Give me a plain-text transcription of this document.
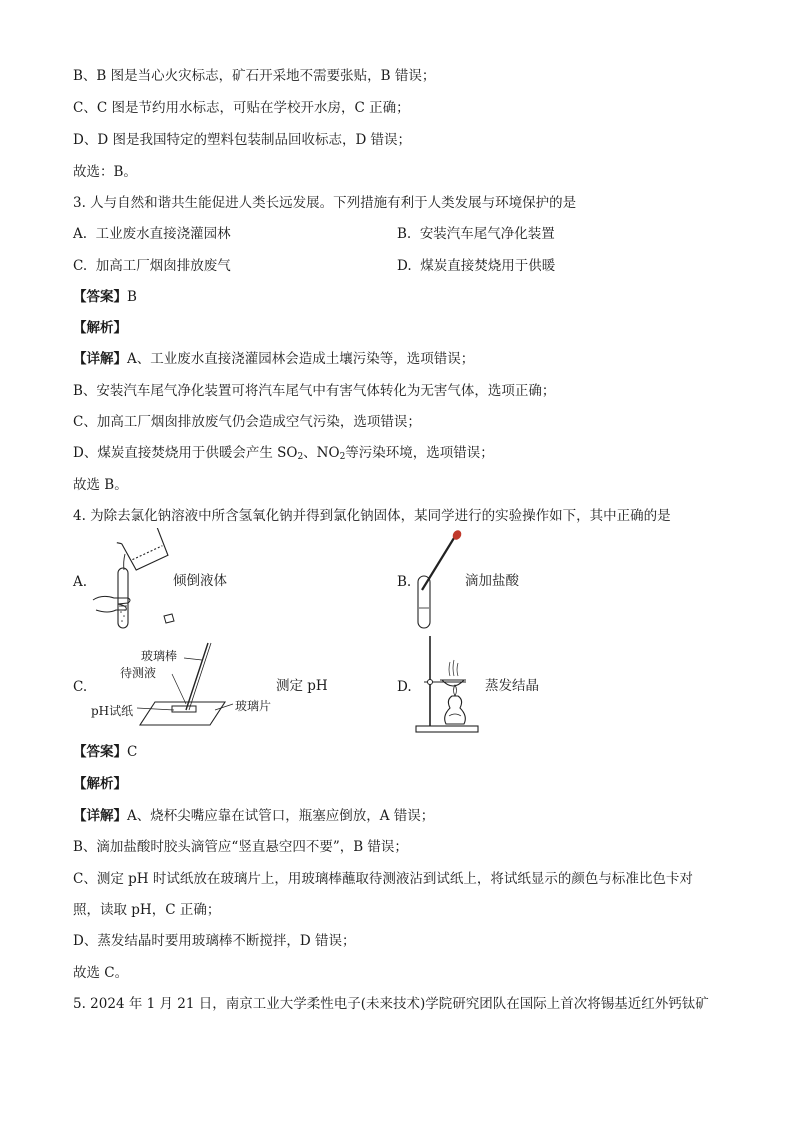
B、B 图是当心火灾标志，矿石开采地不需要张贴，B 错误；
C、C 图是节约用水标志，可贴在学校开水房，C 正确；
D、D 图是我国特定的塑料包装制品回收标志，D 错误；
故选：B。
3. 人与自然和谐共生能促进人类长远发展。下列措施有利于人类发展与环境保护的是
A. 工业废水直接浇灌园林	B. 安装汽车尾气净化装置
C. 加高工厂烟囱排放废气	D. 煤炭直接焚烧用于供暖
【答案】B
【解析】
【详解】A、工业废水直接浇灌园林会造成土壤污染等，选项错误；
B、安装汽车尾气净化装置可将汽车尾气中有害气体转化为无害气体，选项正确；
C、加高工厂烟囱排放废气仍会造成空气污染，选项错误；
D、煤炭直接焚烧用于供暖会产生 $SO_2$、$NO_2$等污染环境，选项错误；
故选 B。
4. 为除去氯化钠溶液中所含氢氧化钠并得到氯化钠固体，某同学进行的实验操作如下，其中正确的是
A.	倾倒液体	B.	滴加盐酸
C.
玻璃棒
待测液
pH试纸	玻璃片
测定 pH	D.	蒸发结晶
【答案】C
【解析】
【详解】A、烧杯尖嘴应靠在试管口，瓶塞应倒放，A 错误；
B、滴加盐酸时胶头滴管应“竖直悬空四不要”，B 错误；
C、测定 pH 时试纸放在玻璃片上，用玻璃棒蘸取待测液沾到试纸上，将试纸显示的颜色与标准比色卡对
照，读取 pH，C 正确；
D、蒸发结晶时要用玻璃棒不断搅拌，D 错误；
故选 C。
5. 2024 年 1 月 21 日，南京工业大学柔性电子(未来技术)学院研究团队在国际上首次将锡基近红外钙钛矿
